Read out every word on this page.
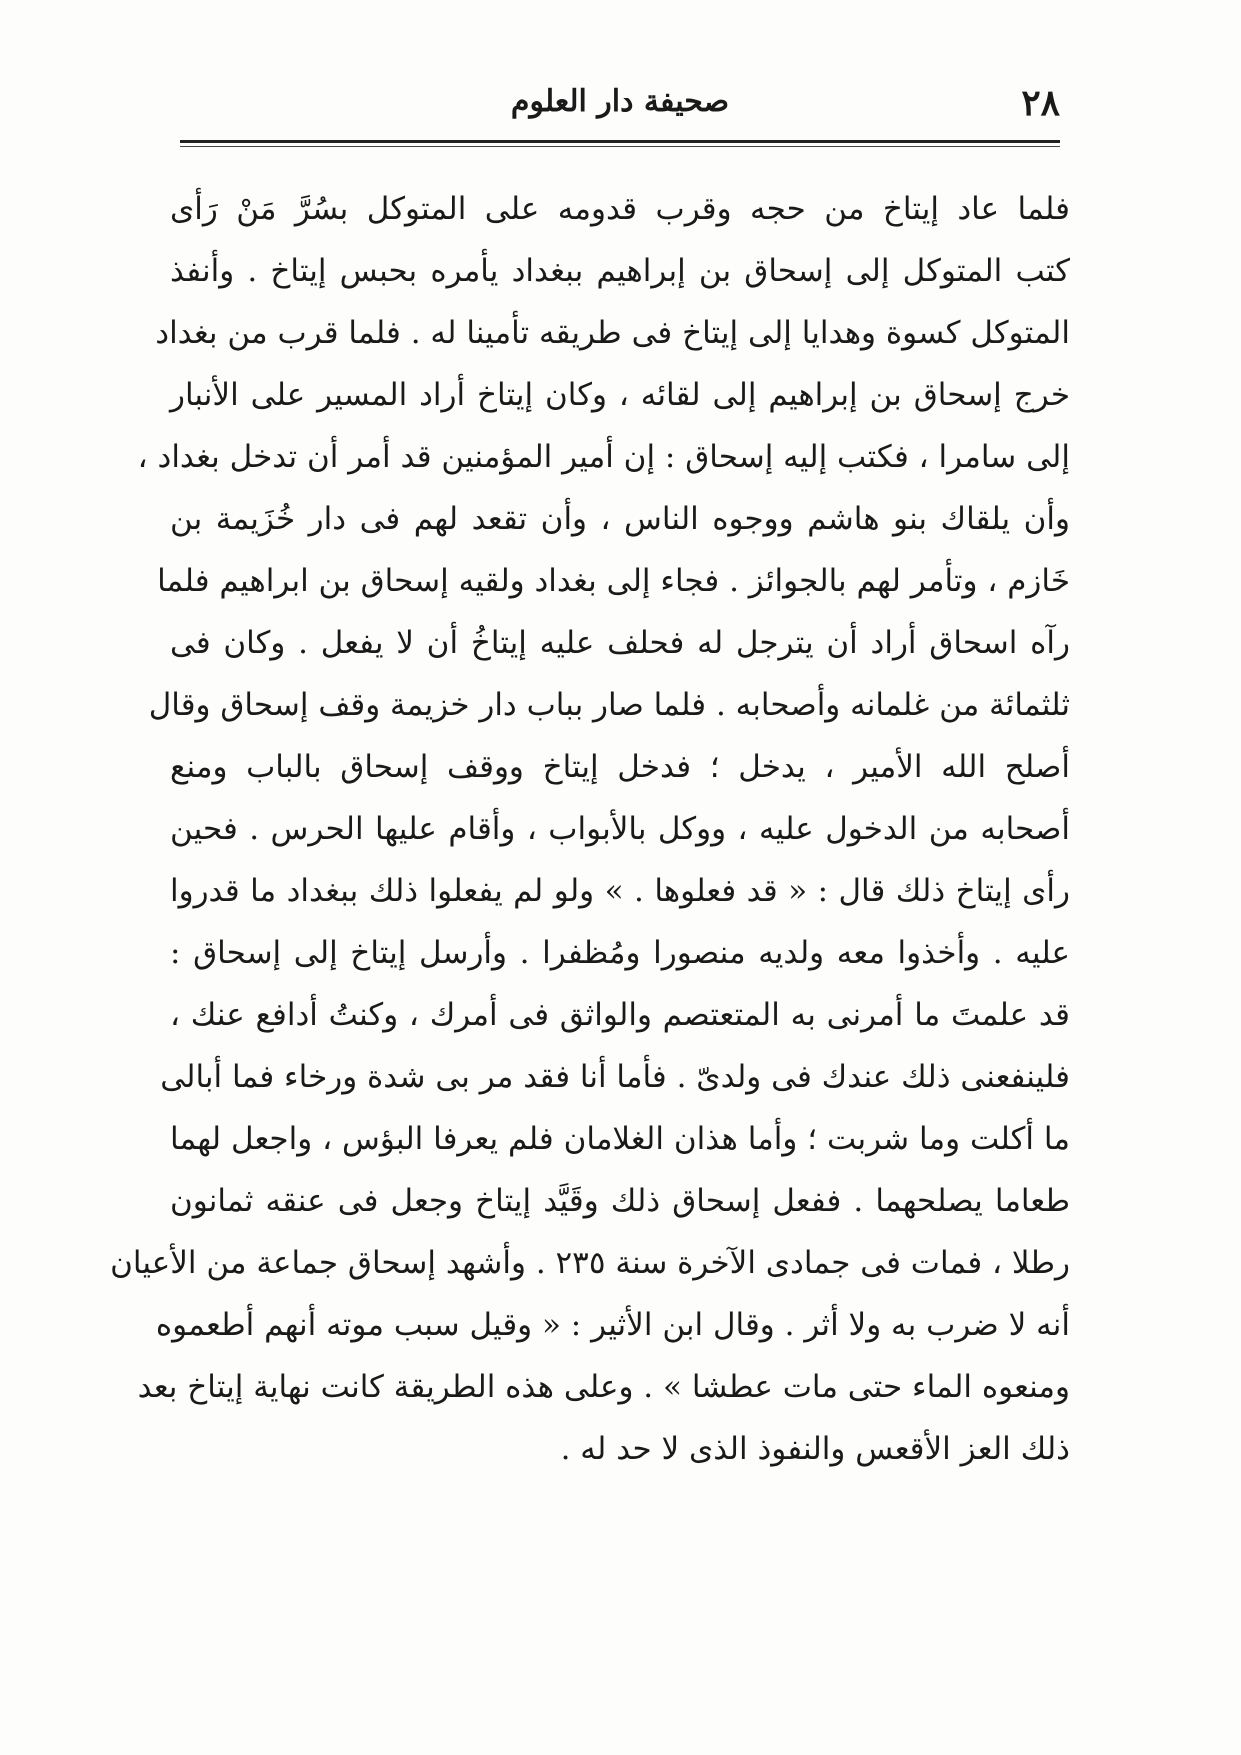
٢٨
صحيفة دار العلوم
فلما عاد إيتاخ من حجه وقرب قدومه على المتوكل بسُرَّ مَنْ رَأى
كتب المتوكل إلى إسحاق بن إبراهيم ببغداد يأمره بحبس إيتاخ . وأنفذ
المتوكل كسوة وهدايا إلى إيتاخ فى طريقه تأمينا له . فلما قرب من بغداد
خرج إسحاق بن إبراهيم إلى لقائه ، وكان إيتاخ أراد المسير على الأنبار
إلى سامرا ، فكتب إليه إسحاق : إن أمير المؤمنين قد أمر أن تدخل بغداد ،
وأن يلقاك بنو هاشم ووجوه الناس ، وأن تقعد لهم فى دار خُزَيمة بن
خَازم ، وتأمر لهم بالجوائز . فجاء إلى بغداد ولقيه إسحاق بن ابراهيم فلما
رآه اسحاق أراد أن يترجل له فحلف عليه إيتاخُ أن لا يفعل . وكان فى
ثلثمائة من غلمانه وأصحابه . فلما صار بباب دار خزيمة وقف إسحاق وقال
أصلح الله الأمير ، يدخل ؛ فدخل إيتاخ ووقف إسحاق بالباب ومنع
أصحابه من الدخول عليه ، ووكل بالأبواب ، وأقام عليها الحرس . فحين
رأى إيتاخ ذلك قال : « قد فعلوها . » ولو لم يفعلوا ذلك ببغداد ما قدروا
عليه . وأخذوا معه ولديه منصورا ومُظفرا . وأرسل إيتاخ إلى إسحاق :
قد علمتَ ما أمرنى به المتعتصم والواثق فى أمرك ، وكنتُ أدافع عنك ،
فلينفعنى ذلك عندك فى ولدىّ . فأما أنا فقد مر بى شدة ورخاء فما أبالى
ما أكلت وما شربت ؛ وأما هذان الغلامان فلم يعرفا البؤس ، واجعل لهما
طعاما يصلحهما . ففعل إسحاق ذلك وقَيَّد إيتاخ وجعل فى عنقه ثمانون
رطلا ، فمات فى جمادى الآخرة سنة ٢٣٥ . وأشهد إسحاق جماعة من الأعيان
أنه لا ضرب به ولا أثر . وقال ابن الأثير : « وقيل سبب موته أنهم أطعموه
ومنعوه الماء حتى مات عطشا » . وعلى هذه الطريقة كانت نهاية إيتاخ بعد
ذلك العز الأقعس والنفوذ الذى لا حد له .
